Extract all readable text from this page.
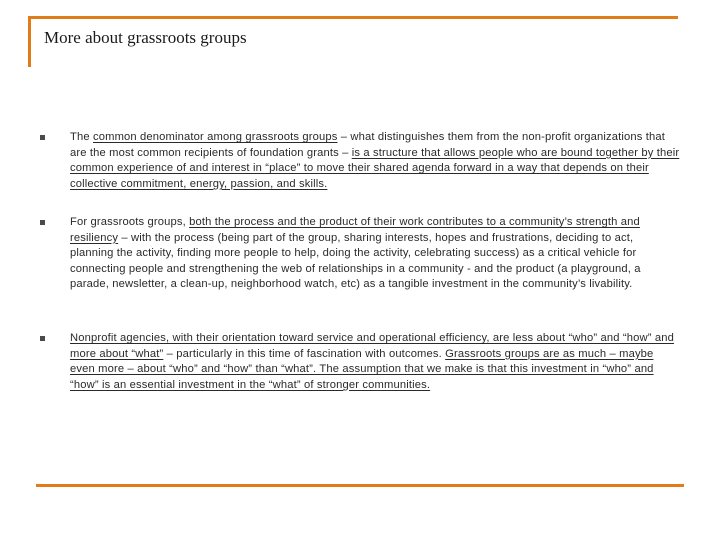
More about grassroots groups
The common denominator among grassroots groups – what distinguishes them from the non-profit organizations that are the most common recipients of foundation grants – is a structure that allows people who are bound together by their common experience of and interest in “place” to move their shared agenda forward in a way that depends on their collective commitment, energy, passion, and skills.
For grassroots groups, both the process and the product of their work contributes to a community’s strength and resiliency – with the process (being part of the group, sharing interests, hopes and frustrations, deciding to act, planning the activity, finding more people to help, doing the activity, celebrating success) as a critical vehicle for connecting people and strengthening the web of relationships in a community - and the product (a playground, a parade, newsletter, a clean-up, neighborhood watch, etc) as a tangible investment in the community’s livability.
Nonprofit agencies, with their orientation toward service and operational efficiency, are less about “who” and “how” and more about “what” – particularly in this time of fascination with outcomes. Grassroots groups are as much – maybe even more – about “who” and “how” than “what”. The assumption that we make is that this investment in “who” and “how” is an essential investment in the “what” of stronger communities.
